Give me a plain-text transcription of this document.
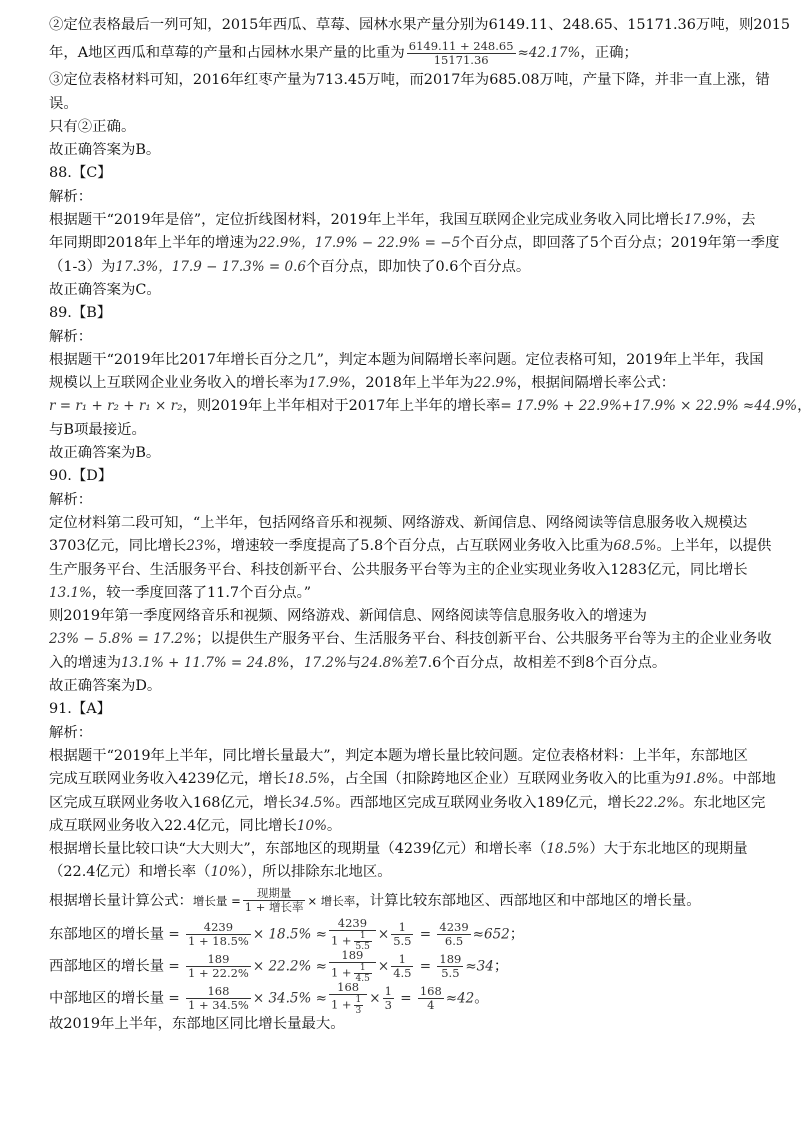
②定位表格最后一列可知，2015年西瓜、草莓、园林水果产量分别为6149.11、248.65、15171.36万吨，则2015
年，A地区西瓜和草莓的产量和占园林水果产量的比重为 $\frac{6149.11 + 248.65}{15171.36} \approx 42.17\%$，正确；
③定位表格材料可知，2016年红枣产量为713.45万吨，而2017年为685.08万吨，产量下降，并非一直上涨，错
误。
只有②正确。
故正确答案为B。
88.【C】
解析：
根据题干“2019年是倍”，定位折线图材料，2019年上半年，我国互联网企业完成业务收入同比增长17.9%，去
年同期即2018年上半年的增速为22.9%，17.9% − 22.9% = −5个百分点，即回落了5个百分点；2019年第一季度
（1-3）为17.3%，17.9 − 17.3% = 0.6个百分点，即加快了0.6个百分点。
故正确答案为C。
89.【B】
解析：
根据题干“2019年比2017年增长百分之几”，判定本题为间隔增长率问题。定位表格可知，2019年上半年，我国
规模以上互联网企业业务收入的增长率为17.9%，2018年上半年为22.9%，根据间隔增长率公式：
r = r₁ + r₂ + r₁ × r₂，则2019年上半年相对于2017年上半年的增长率= 17.9% + 22.9%+17.9% × 22.9% ≈44.9%，
与B项最接近。
故正确答案为B。
90.【D】
解析：
定位材料第二段可知，“上半年，包括网络音乐和视频、网络游戏、新闻信息、网络阅读等信息服务收入规模达
3703亿元，同比增长23%，增速较一季度提高了5.8个百分点，占互联网业务收入比重为68.5%。上半年，以提供
生产服务平台、生活服务平台、科技创新平台、公共服务平台等为主的企业实现业务收入1283亿元，同比增长
13.1%，较一季度回落了11.7个百分点。”
则2019年第一季度网络音乐和视频、网络游戏、新闻信息、网络阅读等信息服务收入的增速为
23% − 5.8% = 17.2%；以提供生产服务平台、生活服务平台、科技创新平台、公共服务平台等为主的企业业务收
入的增速为13.1% + 11.7% = 24.8%，17.2%与24.8%差7.6个百分点，故相差不到8个百分点。
故正确答案为D。
91.【A】
解析：
根据题干“2019年上半年，同比增长量最大”，判定本题为增长量比较问题。定位表格材料：上半年，东部地区
完成互联网业务收入4239亿元，增长18.5%，占全国（扣除跨地区企业）互联网业务收入的比重为91.8%。中部地
区完成互联网业务收入168亿元，增长34.5%。西部地区完成互联网业务收入189亿元，增长22.2%。东北地区完
成互联网业务收入22.4亿元，同比增长10%。
根据增长量比较口诀“大大则大”，东部地区的现期量（4239亿元）和增长率（18.5%）大于东北地区的现期量
（22.4亿元）和增长率（10%），所以排除东北地区。
根据增长量计算公式：增长量 = $\frac{\text{现期量}}{\text{1 + 增长率}}$ × 增长率，计算比较东部地区、西部地区和中部地区的增长量。
东部地区的增长量 = $\frac{4239}{1 + 18.5\%} \times 18.5\% \approx \frac{4239}{1 + \frac{1}{5.5}} \times \frac{1}{5.5} = \frac{4239}{6.5} \approx 652$；
西部地区的增长量 = $\frac{189}{1 + 22.2\%} \times 22.2\% \approx \frac{189}{1 + \frac{1}{4.5}} \times \frac{1}{4.5} = \frac{189}{5.5} \approx 34$；
中部地区的增长量 = $\frac{168}{1 + 34.5\%} \times 34.5\% \approx \frac{168}{1 + \frac{1}{3}} \times \frac{1}{3} = \frac{168}{4} \approx 42$。
故2019年上半年，东部地区同比增长量最大。
